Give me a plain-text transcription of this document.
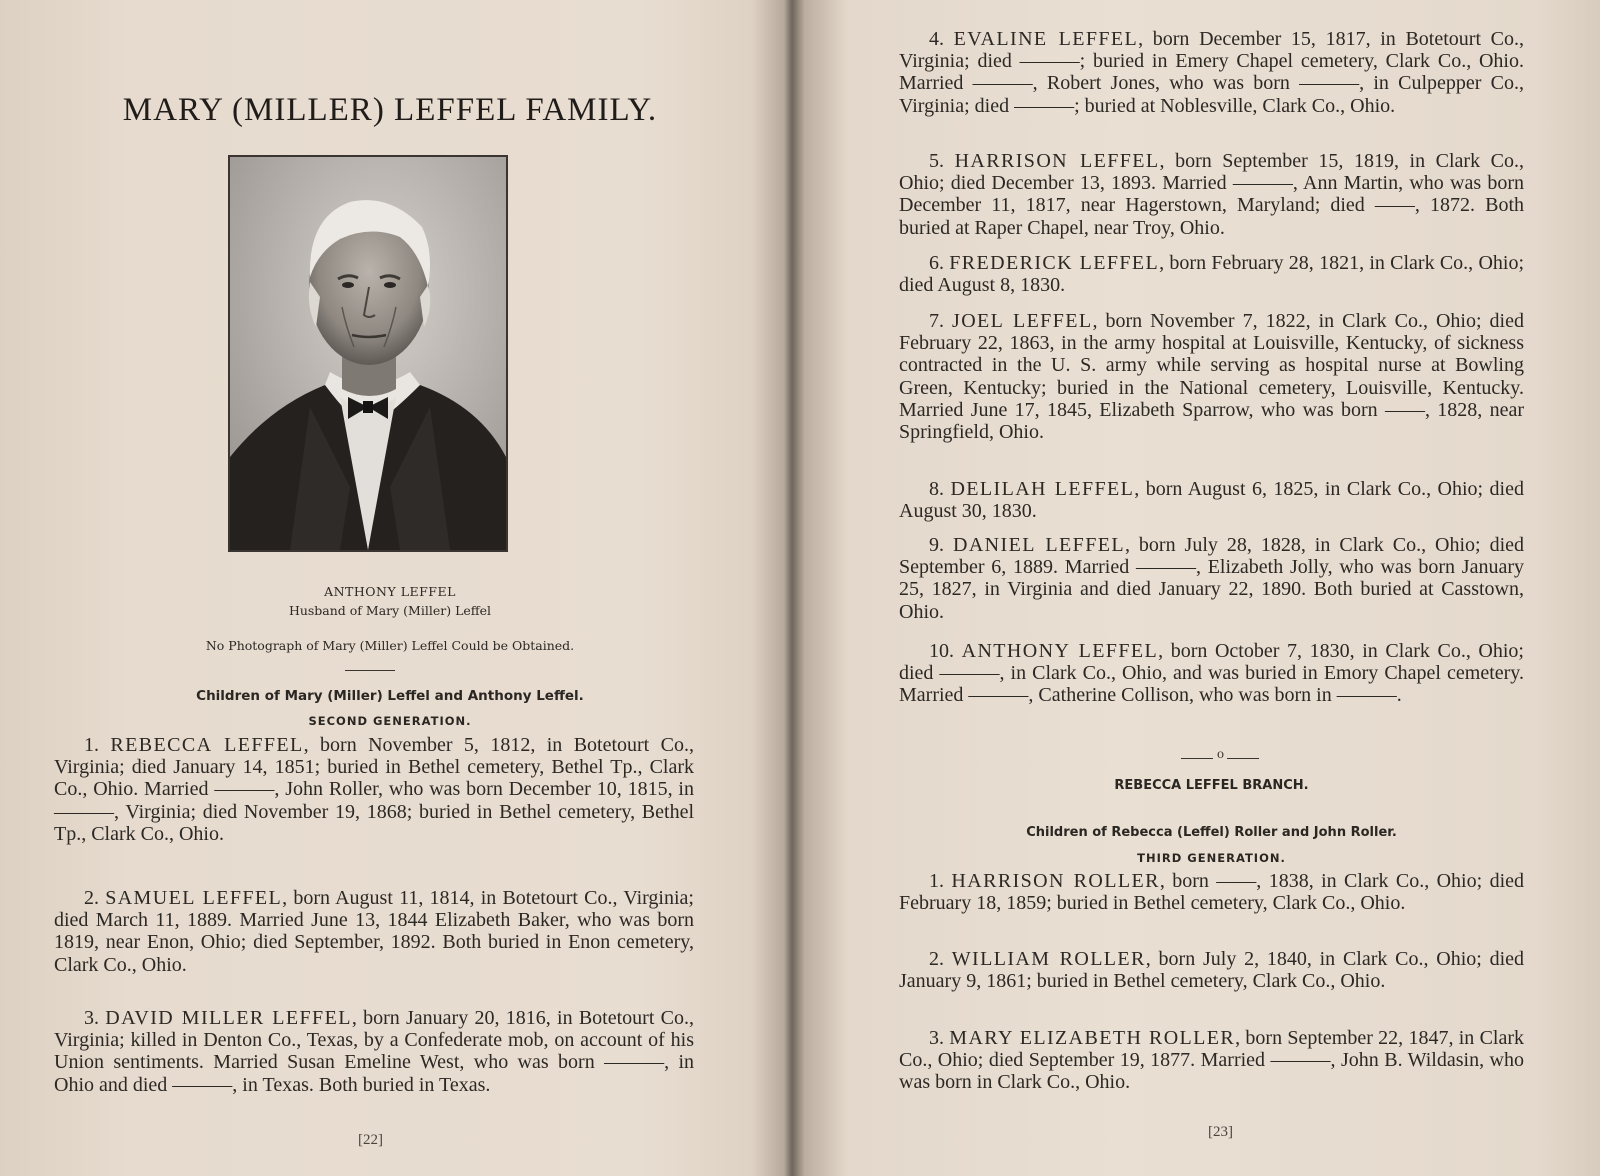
MARY (MILLER) LEFFEL FAMILY.
ANTHONY LEFFEL
Husband of Mary (Miller) Leffel
No Photograph of Mary (Miller) Leffel Could be Obtained.
Children of Mary (Miller) Leffel and Anthony Leffel.
SECOND GENERATION.

1. REBECCA LEFFEL, born November 5, 1812, in Botetourt Co., Virginia; died January 14, 1851; buried in Bethel cemetery, Bethel Tp., Clark Co., Ohio. Married ———, John Roller, who was born December 10, 1815, in ———, Virginia; died November 19, 1868; buried in Bethel cemetery, Bethel Tp., Clark Co., Ohio.

2. SAMUEL LEFFEL, born August 11, 1814, in Botetourt Co., Virginia; died March 11, 1889. Married June 13, 1844 Elizabeth Baker, who was born 1819, near Enon, Ohio; died September, 1892. Both buried in Enon cemetery, Clark Co., Ohio.

3. DAVID MILLER LEFFEL, born January 20, 1816, in Botetourt Co., Virginia; killed in Denton Co., Texas, by a Confederate mob, on account of his Union sentiments. Married Susan Emeline West, who was born ———, in Ohio and died ———, in Texas. Both buried in Texas.

[22]

4. EVALINE LEFFEL, born December 15, 1817, in Botetourt Co., Virginia; died ———; buried in Emery Chapel cemetery, Clark Co., Ohio. Married ———, Robert Jones, who was born ———, in Culpepper Co., Virginia; died ———; buried at Noblesville, Clark Co., Ohio.

5. HARRISON LEFFEL, born September 15, 1819, in Clark Co., Ohio; died December 13, 1893. Married ———, Ann Martin, who was born December 11, 1817, near Hagerstown, Maryland; died ——, 1872. Both buried at Raper Chapel, near Troy, Ohio.

6. FREDERICK LEFFEL, born February 28, 1821, in Clark Co., Ohio; died August 8, 1830.

7. JOEL LEFFEL, born November 7, 1822, in Clark Co., Ohio; died February 22, 1863, in the army hospital at Louisville, Kentucky, of sickness contracted in the U. S. army while serving as hospital nurse at Bowling Green, Kentucky; buried in the National cemetery, Louisville, Kentucky. Married June 17, 1845, Elizabeth Sparrow, who was born ——, 1828, near Springfield, Ohio.

8. DELILAH LEFFEL, born August 6, 1825, in Clark Co., Ohio; died August 30, 1830.

9. DANIEL LEFFEL, born July 28, 1828, in Clark Co., Ohio; died September 6, 1889. Married ———, Elizabeth Jolly, who was born January 25, 1827, in Virginia and died January 22, 1890. Both buried at Casstown, Ohio.

10. ANTHONY LEFFEL, born October 7, 1830, in Clark Co., Ohio; died ———, in Clark Co., Ohio, and was buried in Emory Chapel cemetery. Married ———, Catherine Collison, who was born in ———.

o
REBECCA LEFFEL BRANCH.
Children of Rebecca (Leffel) Roller and John Roller.
THIRD GENERATION.

1. HARRISON ROLLER, born ——, 1838, in Clark Co., Ohio; died February 18, 1859; buried in Bethel cemetery, Clark Co., Ohio.

2. WILLIAM ROLLER, born July 2, 1840, in Clark Co., Ohio; died January 9, 1861; buried in Bethel cemetery, Clark Co., Ohio.

3. MARY ELIZABETH ROLLER, born September 22, 1847, in Clark Co., Ohio; died September 19, 1877. Married ———, John B. Wildasin, who was born in Clark Co., Ohio.

[23]
